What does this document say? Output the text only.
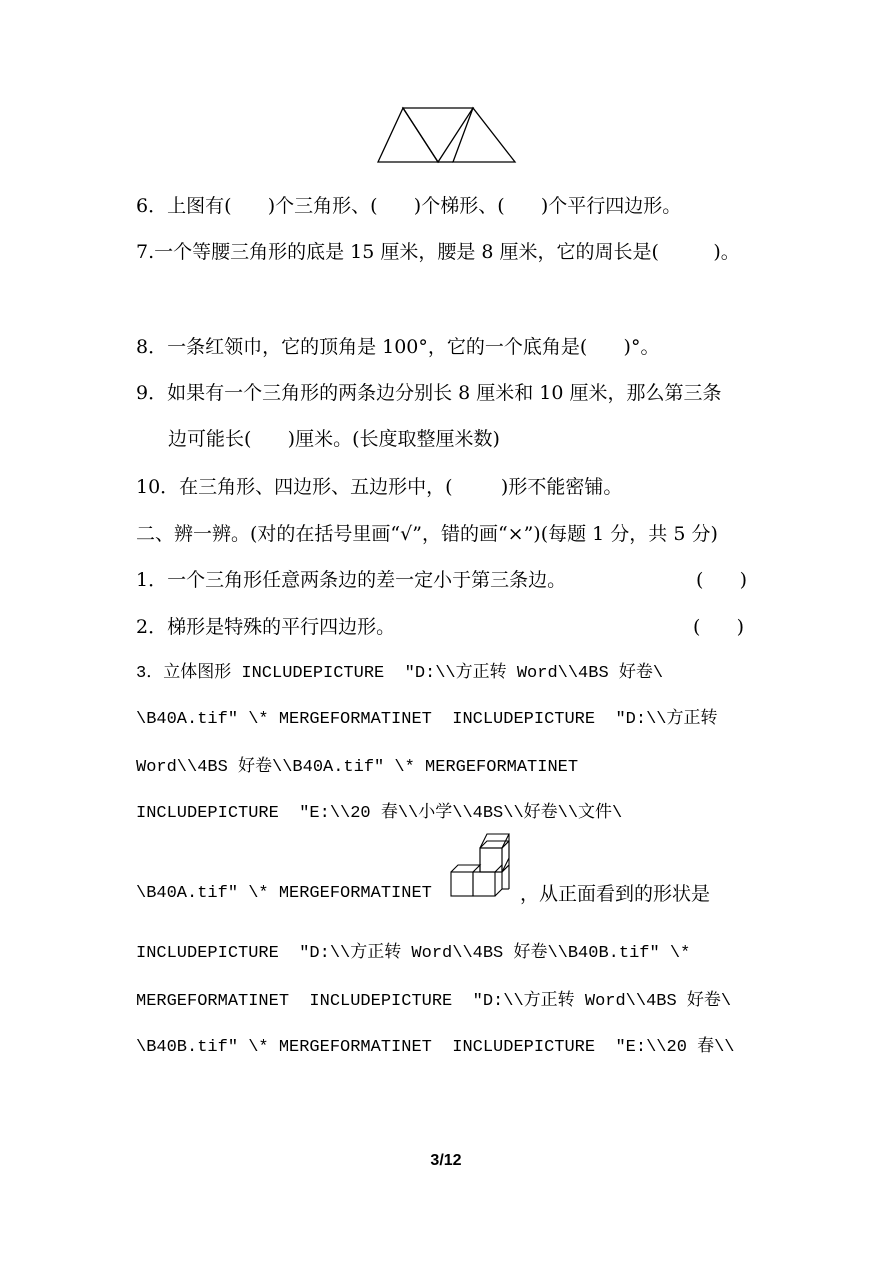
6．上图有(      )个三角形、(      )个梯形、(      )个平行四边形。
7.一个等腰三角形的底是 15 厘米，腰是 8 厘米，它的周长是(         )。
8．一条红领巾，它的顶角是 100°，它的一个底角是(      )°。
9．如果有一个三角形的两条边分别长 8 厘米和 10 厘米，那么第三条
边可能长(      )厘米。(长度取整厘米数)
10．在三角形、四边形、五边形中，(        )形不能密铺。
二、辨一辨。(对的在括号里画“√”，错的画“×”)(每题 1 分，共 5 分)
1．一个三角形任意两条边的差一定小于第三条边。	(      )
2．梯形是特殊的平行四边形。	(      )
3．立体图形 INCLUDEPICTURE  "D:\\方正转 Word\\4BS 好卷\
\B40A.tif" \* MERGEFORMATINET  INCLUDEPICTURE  "D:\\方正转
Word\\4BS 好卷\\B40A.tif" \* MERGEFORMATINET
INCLUDEPICTURE  "E:\\20 春\\小学\\4BS\\好卷\\文件\
\B40A.tif" \* MERGEFORMATINET	，从正面看到的形状是
INCLUDEPICTURE  "D:\\方正转 Word\\4BS 好卷\\B40B.tif" \*
MERGEFORMATINET  INCLUDEPICTURE  "D:\\方正转 Word\\4BS 好卷\
\B40B.tif" \* MERGEFORMATINET  INCLUDEPICTURE  "E:\\20 春\\
3/12
